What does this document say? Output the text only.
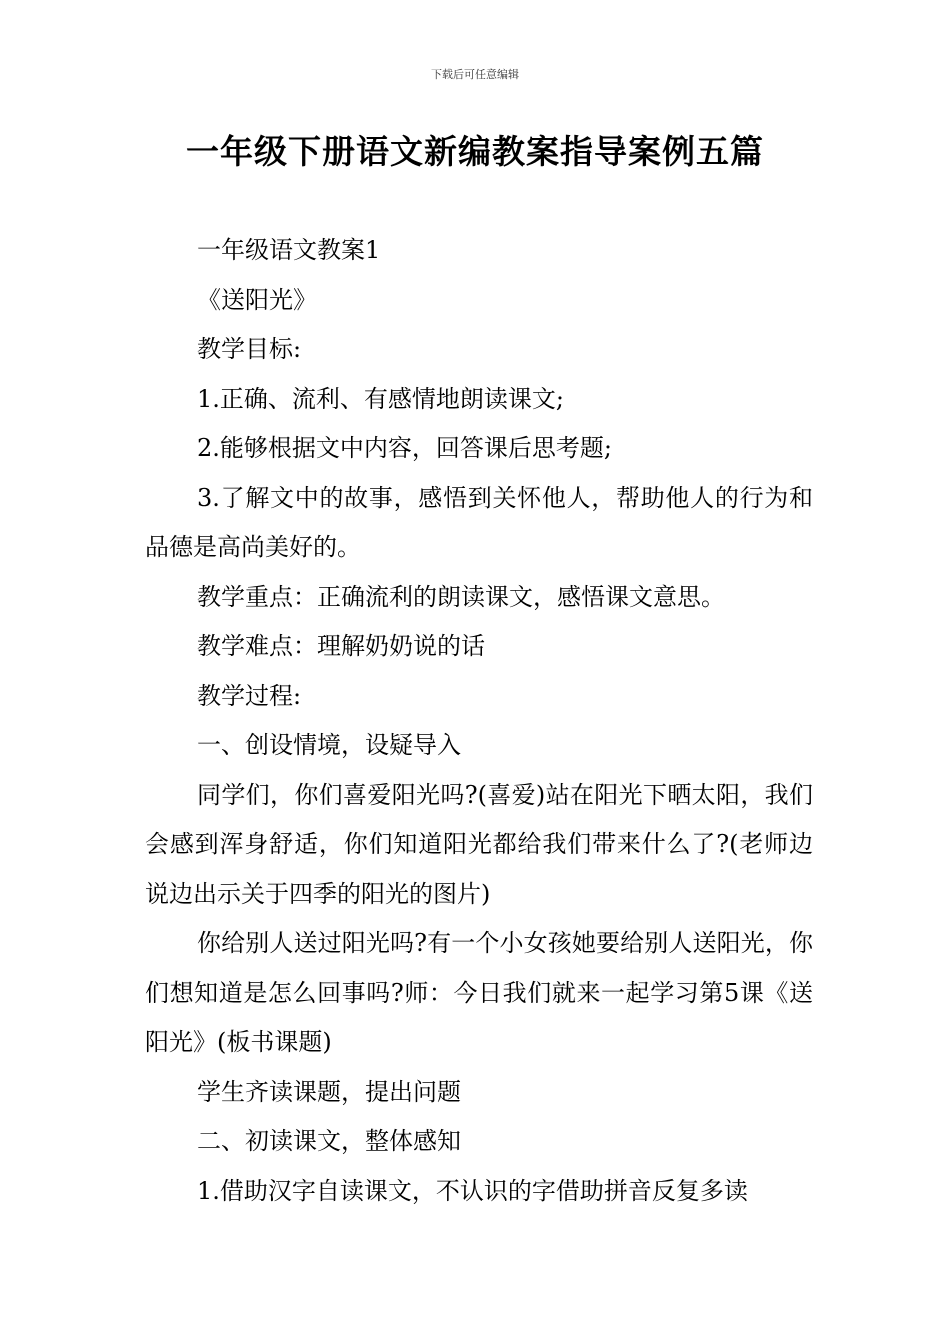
下载后可任意编辑
一年级下册语文新编教案指导案例五篇

一年级语文教案1

《送阳光》

教学目标:

1.正确、流利、有感情地朗读课文;

2.能够根据文中内容，回答课后思考题;

3.了解文中的故事，感悟到关怀他人，帮助他人的行为和品德是高尚美好的。

教学重点：正确流利的朗读课文，感悟课文意思。

教学难点：理解奶奶说的话

教学过程:

一、创设情境，设疑导入

同学们，你们喜爱阳光吗?(喜爱)站在阳光下晒太阳，我们会感到浑身舒适，你们知道阳光都给我们带来什么了?(老师边说边出示关于四季的阳光的图片)

你给别人送过阳光吗?有一个小女孩她要给别人送阳光，你们想知道是怎么回事吗?师：今日我们就来一起学习第5课《送阳光》(板书课题)

学生齐读课题，提出问题

二、初读课文，整体感知

1.借助汉字自读课文，不认识的字借助拼音反复多读
